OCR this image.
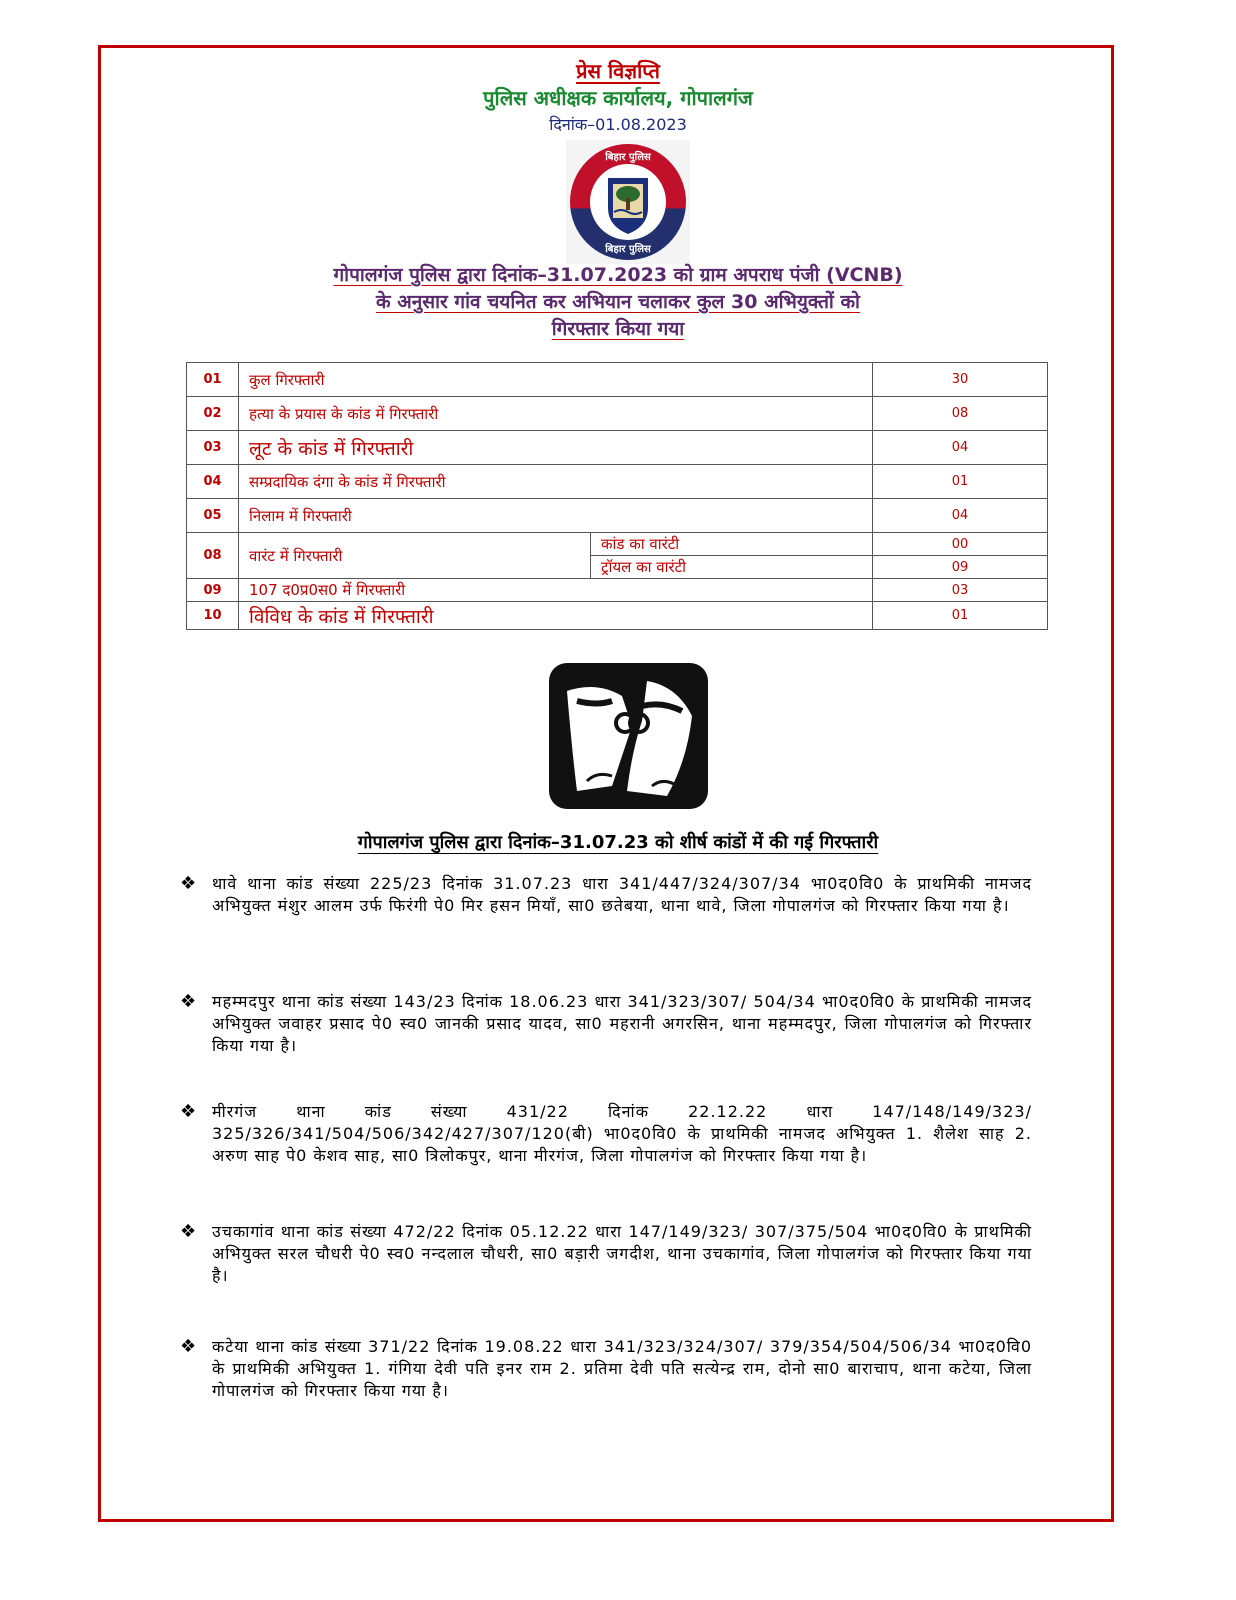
प्रेस विज्ञप्ति
पुलिस अधीक्षक कार्यालय, गोपालगंज
दिनांक–01.08.2023
बिहार पुलिस
बिहार पुलिस
बिहार पुलिस
गोपालगंज पुलिस द्वारा दिनांक–31.07.2023 को ग्राम अपराध पंजी (VCNB)
के अनुसार गांव चयनित कर अभियान चलाकर कुल 30 अभियुक्तों को
गिरफ्तार किया गया
01	कुल गिरफ्तारी		30
02	हत्या के प्रयास के कांड में गिरफ्तारी		08
03	लूट के कांड में गिरफ्तारी		04
04	सम्प्रदायिक दंगा के कांड में गिरफ्तारी		01
05	निलाम में गिरफ्तारी		04
08	वारंट में गिरफ्तारी	कांड का वारंटी	00
		ट्रॉयल का वारंटी	09
09	107 द0प्र0स0 में गिरफ्तारी		03
10	विविध के कांड में गिरफ्तारी		01
गोपालगंज पुलिस द्वारा दिनांक–31.07.23 को शीर्ष कांडों में की गई गिरफ्तारी
❖ थावे थाना कांड संख्या 225/23 दिनांक 31.07.23 धारा 341/447/324/307/34 भा0द0वि0 के प्राथमिकी नामजद अभियुक्त मंशुर आलम उर्फ फिरंगी पे0 मिर हसन मियाँ, सा0 छतेबया, थाना थावे, जिला गोपालगंज को गिरफ्तार किया गया है।

❖ महम्मदपुर थाना कांड संख्या 143/23 दिनांक 18.06.23 धारा 341/323/307/ 504/34 भा0द0वि0 के प्राथमिकी नामजद अभियुक्त जवाहर प्रसाद पे0 स्व0 जानकी प्रसाद यादव, सा0 महरानी अगरसिन, थाना महम्मदपुर, जिला गोपालगंज को गिरफ्तार किया गया है।

❖ मीरगंज थाना कांड संख्या 431/22 दिनांक 22.12.22 धारा 147/148/149/323/ 325/326/341/504/506/342/427/307/120(बी) भा0द0वि0 के प्राथमिकी नामजद अभियुक्त 1. शैलेश साह 2. अरुण साह पे0 केशव साह, सा0 त्रिलोकपुर, थाना मीरगंज, जिला गोपालगंज को गिरफ्तार किया गया है।

❖ उचकागांव थाना कांड संख्या 472/22 दिनांक 05.12.22 धारा 147/149/323/ 307/375/504 भा0द0वि0 के प्राथमिकी अभियुक्त सरल चौधरी पे0 स्व0 नन्दलाल चौधरी, सा0 बड़ारी जगदीश, थाना उचकागांव, जिला गोपालगंज को गिरफ्तार किया गया है।

❖ कटेया थाना कांड संख्या 371/22 दिनांक 19.08.22 धारा 341/323/324/307/ 379/354/504/506/34 भा0द0वि0 के प्राथमिकी अभियुक्त 1. गंगिया देवी पति इनर राम 2. प्रतिमा देवी पति सत्येन्द्र राम, दोनो सा0 बाराचाप, थाना कटेया, जिला गोपालगंज को गिरफ्तार किया गया है।
